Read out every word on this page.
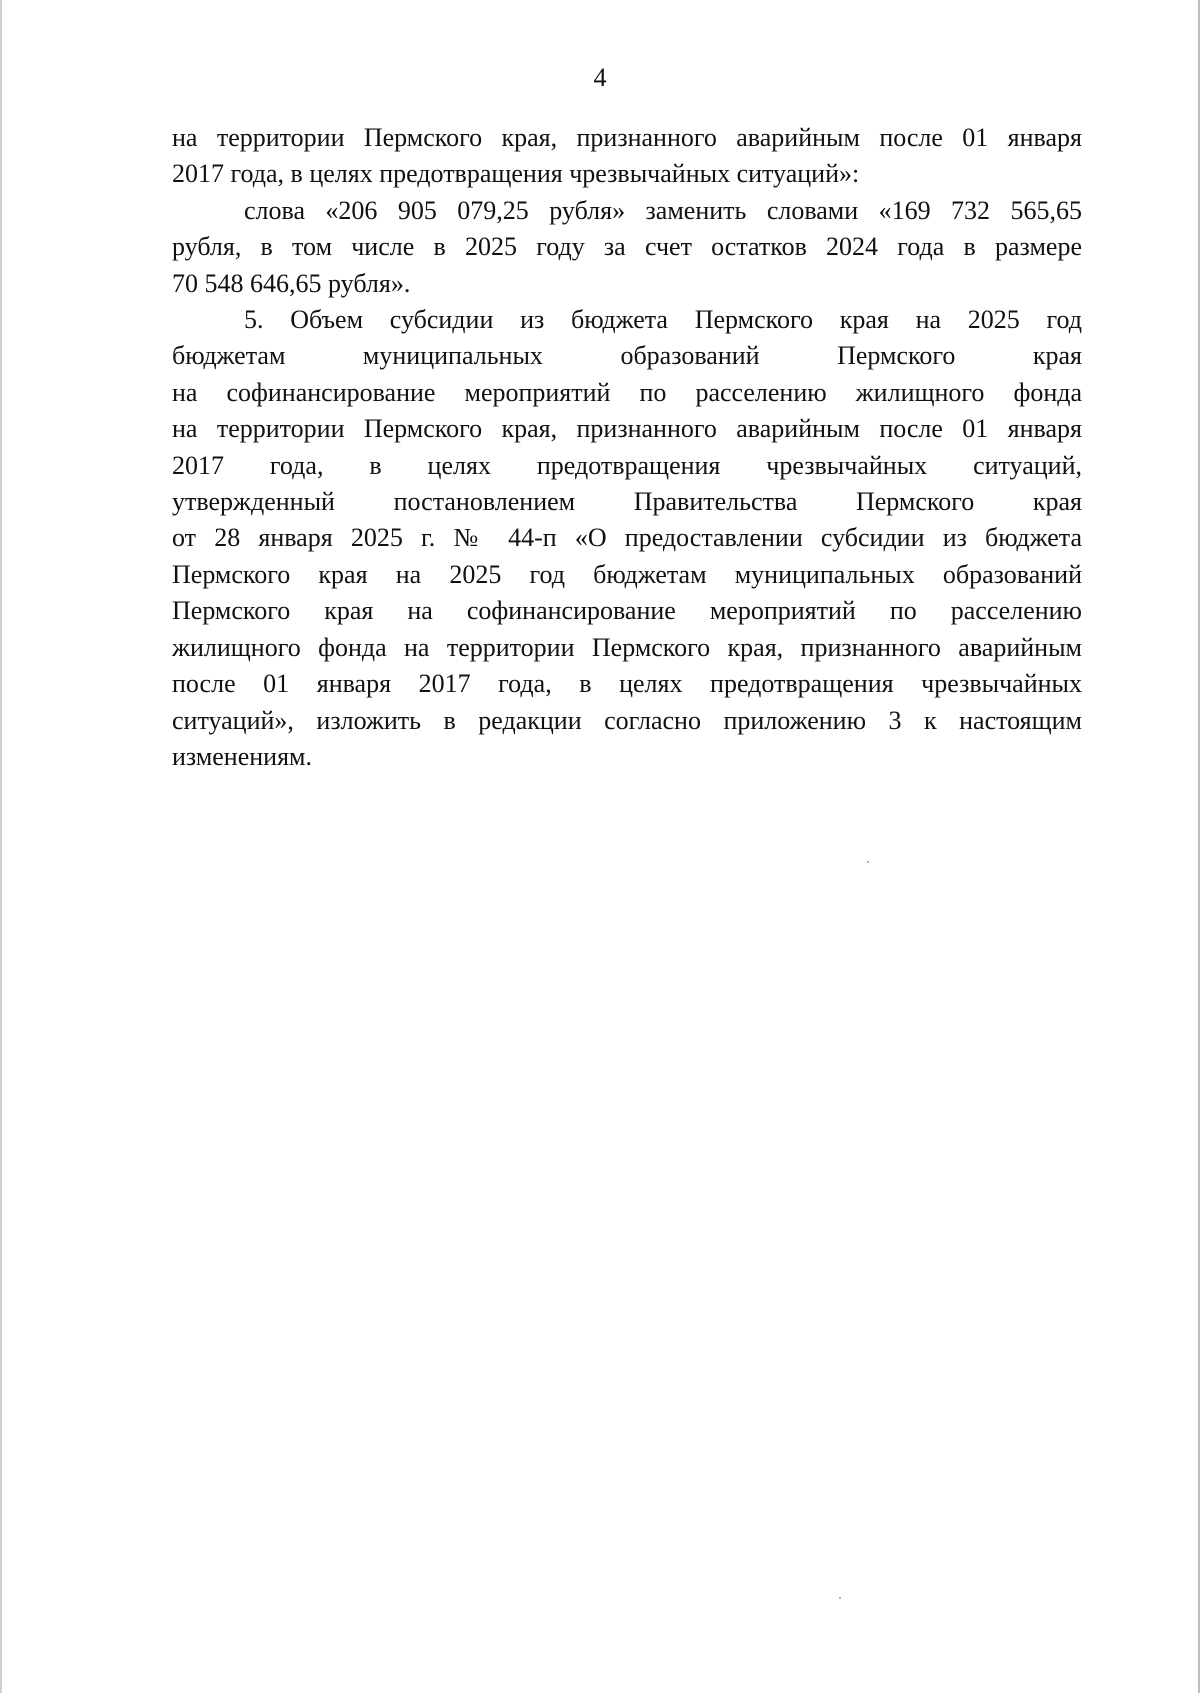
4
на территории Пермского края, признанного аварийным после 01 января
2017 года, в целях предотвращения чрезвычайных ситуаций»:
слова «206 905 079,25 рубля» заменить словами «169 732 565,65
рубля, в том числе в 2025 году за счет остатков 2024 года в размере
70 548 646,65 рубля».
5. Объем субсидии из бюджета Пермского края на 2025 год
бюджетам муниципальных образований Пермского края
на софинансирование мероприятий по расселению жилищного фонда
на территории Пермского края, признанного аварийным после 01 января
2017 года, в целях предотвращения чрезвычайных ситуаций,
утвержденный постановлением Правительства Пермского края
от 28 января 2025 г. № 44-п «О предоставлении субсидии из бюджета
Пермского края на 2025 год бюджетам муниципальных образований
Пермского края на софинансирование мероприятий по расселению
жилищного фонда на территории Пермского края, признанного аварийным
после 01 января 2017 года, в целях предотвращения чрезвычайных
ситуаций», изложить в редакции согласно приложению 3 к настоящим
изменениям.
